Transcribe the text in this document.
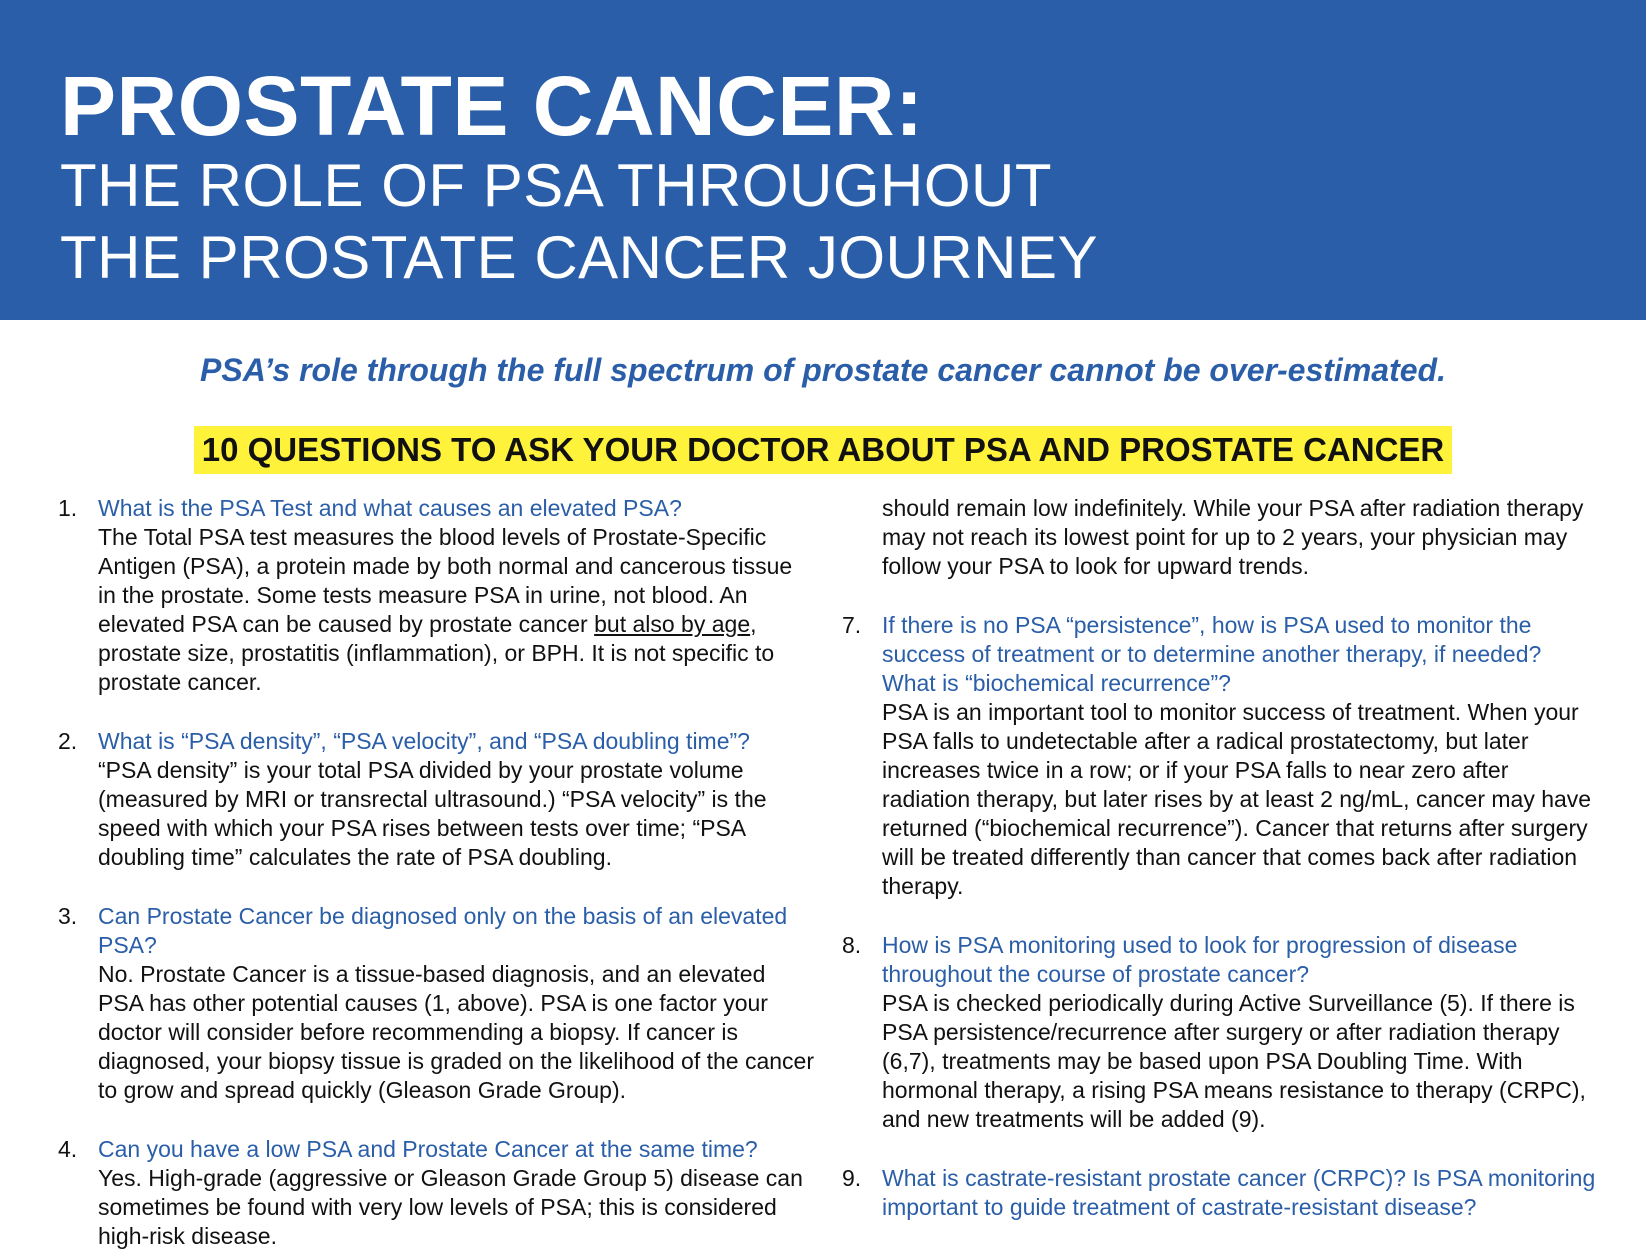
PROSTATE CANCER:
THE ROLE OF PSA THROUGHOUT
THE PROSTATE CANCER JOURNEY
PSA’s role through the full spectrum of prostate cancer cannot be over-estimated.
10 QUESTIONS TO ASK YOUR DOCTOR ABOUT PSA AND PROSTATE CANCER
1. What is the PSA Test and what causes an elevated PSA?
The Total PSA test measures the blood levels of Prostate-Specific Antigen (PSA), a protein made by both normal and cancerous tissue in the prostate. Some tests measure PSA in urine, not blood. An elevated PSA can be caused by prostate cancer but also by age, prostate size, prostatitis (inflammation), or BPH. It is not specific to prostate cancer.
2. What is “PSA density”, “PSA velocity”, and “PSA doubling time”?
“PSA density” is your total PSA divided by your prostate volume (measured by MRI or transrectal ultrasound.) “PSA velocity” is the speed with which your PSA rises between tests over time; “PSA doubling time” calculates the rate of PSA doubling.
3. Can Prostate Cancer be diagnosed only on the basis of an elevated PSA?
No. Prostate Cancer is a tissue-based diagnosis, and an elevated PSA has other potential causes (1, above). PSA is one factor your doctor will consider before recommending a biopsy. If cancer is diagnosed, your biopsy tissue is graded on the likelihood of the cancer to grow and spread quickly (Gleason Grade Group).
4. Can you have a low PSA and Prostate Cancer at the same time?
Yes. High-grade (aggressive or Gleason Grade Group 5) disease can sometimes be found with very low levels of PSA; this is considered high-risk disease.
should remain low indefinitely. While your PSA after radiation therapy may not reach its lowest point for up to 2 years, your physician may follow your PSA to look for upward trends.
7. If there is no PSA “persistence”, how is PSA used to monitor the success of treatment or to determine another therapy, if needed? What is “biochemical recurrence”?
PSA is an important tool to monitor success of treatment. When your PSA falls to undetectable after a radical prostatectomy, but later increases twice in a row; or if your PSA falls to near zero after radiation therapy, but later rises by at least 2 ng/mL, cancer may have returned (“biochemical recurrence”). Cancer that returns after surgery will be treated differently than cancer that comes back after radiation therapy.
8. How is PSA monitoring used to look for progression of disease throughout the course of prostate cancer?
PSA is checked periodically during Active Surveillance (5). If there is PSA persistence/recurrence after surgery or after radiation therapy (6,7), treatments may be based upon PSA Doubling Time. With hormonal therapy, a rising PSA means resistance to therapy (CRPC), and new treatments will be added (9).
9. What is castrate-resistant prostate cancer (CRPC)? Is PSA monitoring important to guide treatment of castrate-resistant disease?
